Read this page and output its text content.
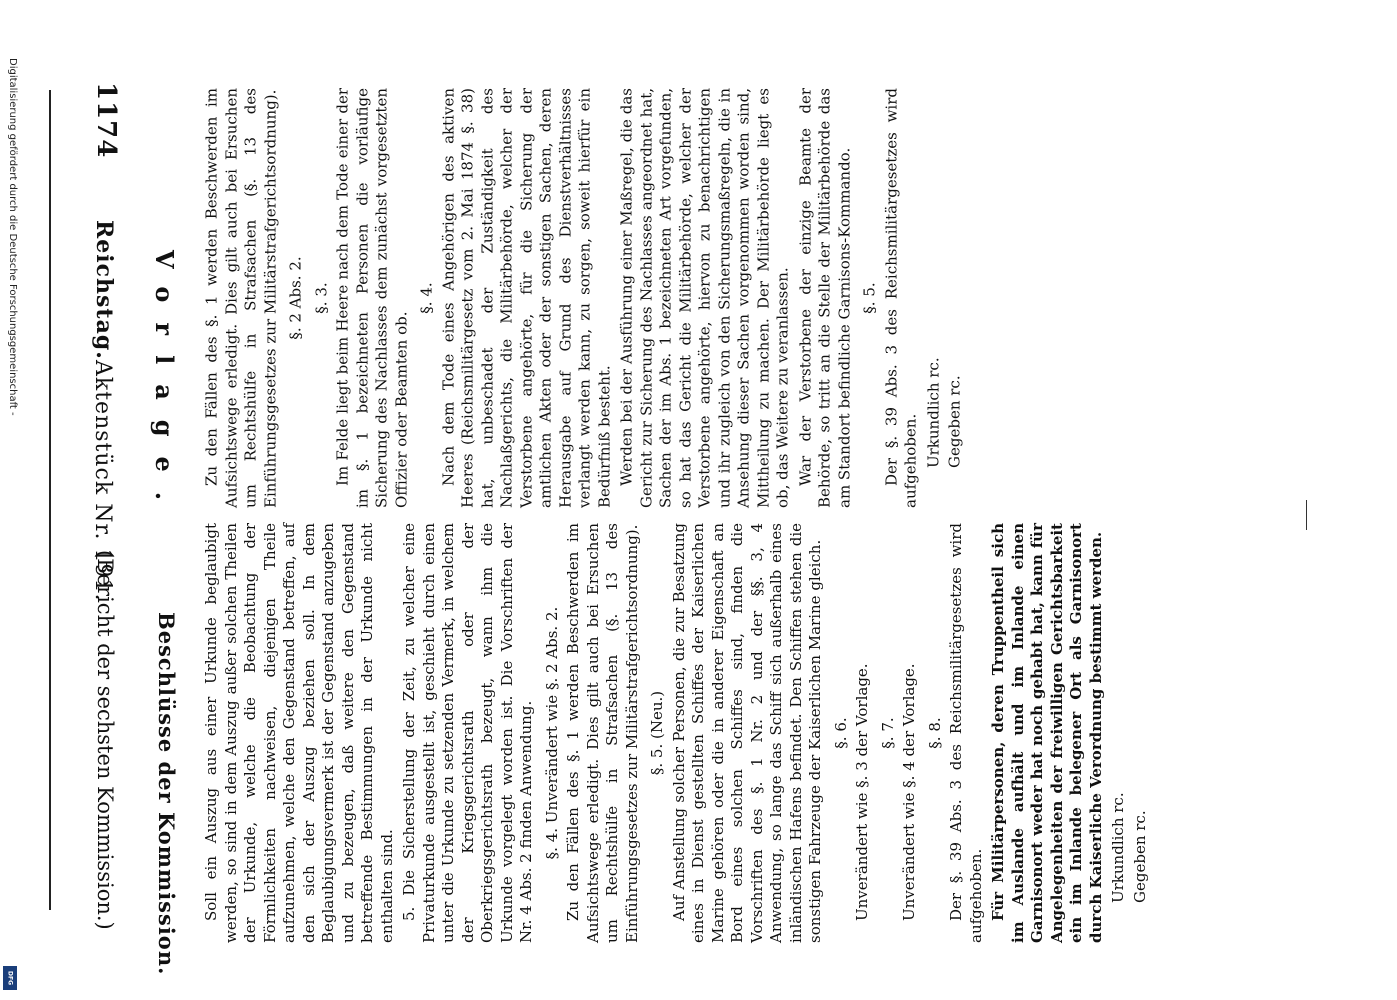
1174
Reichstag.
Aktenstück Nr. 191.
(Bericht der sechsten Kommission.)
Vorlage.
Beschlüsse der Kommission.

Zu den Fällen des §. 1 werden Beschwerden im Aufsichtswege erledigt. Dies gilt auch bei Ersuchen um Rechtshülfe in Strafsachen (§. 13 des Einführungsgesetzes zur Militärstrafgerichtsordnung). §. 2 Abs. 2. §. 3. Im Felde liegt beim Heere nach dem Tode einer der im §. 1 bezeichneten Personen die vorläufige Sicherung des Nachlasses dem zunächst vorgesetzten Offizier oder Beamten ob.

§. 4. Nach dem Tode eines Angehörigen des aktiven Heeres (Reichsmilitärgesetz vom 2. Mai 1874 §. 38) hat, unbeschadet der Zuständigkeit des Nachlaßgerichts, die Militärbehörde, welcher der Verstorbene angehörte, für die Sicherung der amtlichen Akten oder der sonstigen Sachen, deren Herausgabe auf Grund des Dienstverhältnisses verlangt werden kann, zu sorgen, soweit hierfür ein Bedürfniß besteht. Werden bei der Ausführung einer Maßregel, die das Gericht zur Sicherung des Nachlasses angeordnet hat, Sachen der im Abs. 1 bezeichneten Art vorgefunden, so hat das Gericht die Militärbehörde, welcher der Verstorbene angehörte, hiervon zu benachrichtigen und ihr zugleich von den Sicherungsmaßregeln, die in Ansehung dieser Sachen vorgenommen worden sind, Mittheilung zu machen. Der Militärbehörde liegt es ob, das Weitere zu veranlassen. War der Verstorbene der einzige Beamte der Behörde, so tritt an die Stelle der Militärbehörde das am Standort befindliche Garnisons-Kommando. §. 5. Der §. 39 Abs. 3 des Reichsmilitärgesetzes wird aufgehoben. Urkundlich rc. Gegeben rc.

Soll ein Auszug aus einer Urkunde beglaubigt werden, so sind in dem Auszug außer solchen Theilen der Urkunde, welche die Beobachtung der Förmlichkeiten nachweisen, diejenigen Theile aufzunehmen, welche den Gegenstand betreffen, auf den sich der Auszug beziehen soll. In dem Beglaubigungsvermerk ist der Gegenstand anzugeben und zu bezeugen, daß weitere den Gegenstand betreffende Bestimmungen in der Urkunde nicht enthalten sind. 5. Die Sicherstellung der Zeit, zu welcher eine Privaturkunde ausgestellt ist, geschieht durch einen unter die Urkunde zu setzenden Vermerk, in welchem der Kriegsgerichtsrath oder der Oberkriegsgerichtsrath bezeugt, wann ihm die Urkunde vorgelegt worden ist. Die Vorschriften der Nr. 4 Abs. 2 finden Anwendung. §. 4. Unverändert wie §. 2 Abs. 2. Zu den Fällen des §. 1 werden Beschwerden im Aufsichtswege erledigt. Dies gilt auch bei Ersuchen um Rechtshülfe in Strafsachen (§. 13 des Einführungsgesetzes zur Militärstrafgerichtsordnung). §. 5. (Neu.) Auf Anstellung solcher Personen, die zur Besatzung eines in Dienst gestellten Schiffes der Kaiserlichen Marine gehören oder die in anderer Eigenschaft an Bord eines solchen Schiffes sind, finden die Vorschriften des §. 1 Nr. 2 und der §§. 3, 4 Anwendung, so lange das Schiff sich außerhalb eines inländischen Hafens befindet. Den Schiffen stehen die sonstigen Fahrzeuge der Kaiserlichen Marine gleich. §. 6. Unverändert wie §. 3 der Vorlage. §. 7. Unverändert wie §. 4 der Vorlage. §. 8. Der §. 39 Abs. 3 des Reichsmilitärgesetzes wird aufgehoben. Für Militärpersonen, deren Truppentheil sich im Auslande aufhält und im Inlande einen Garnisonort weder hat noch gehabt hat, kann für Angelegenheiten der freiwilligen Gerichtsbarkeit ein im Inlande belegener Ort als Garnisonort durch Kaiserliche Verordnung bestimmt werden. Urkundlich rc. Gegeben rc.

Digitalisierung gefördert durch die Deutsche Forschungsgemeinschaft -
DFG
